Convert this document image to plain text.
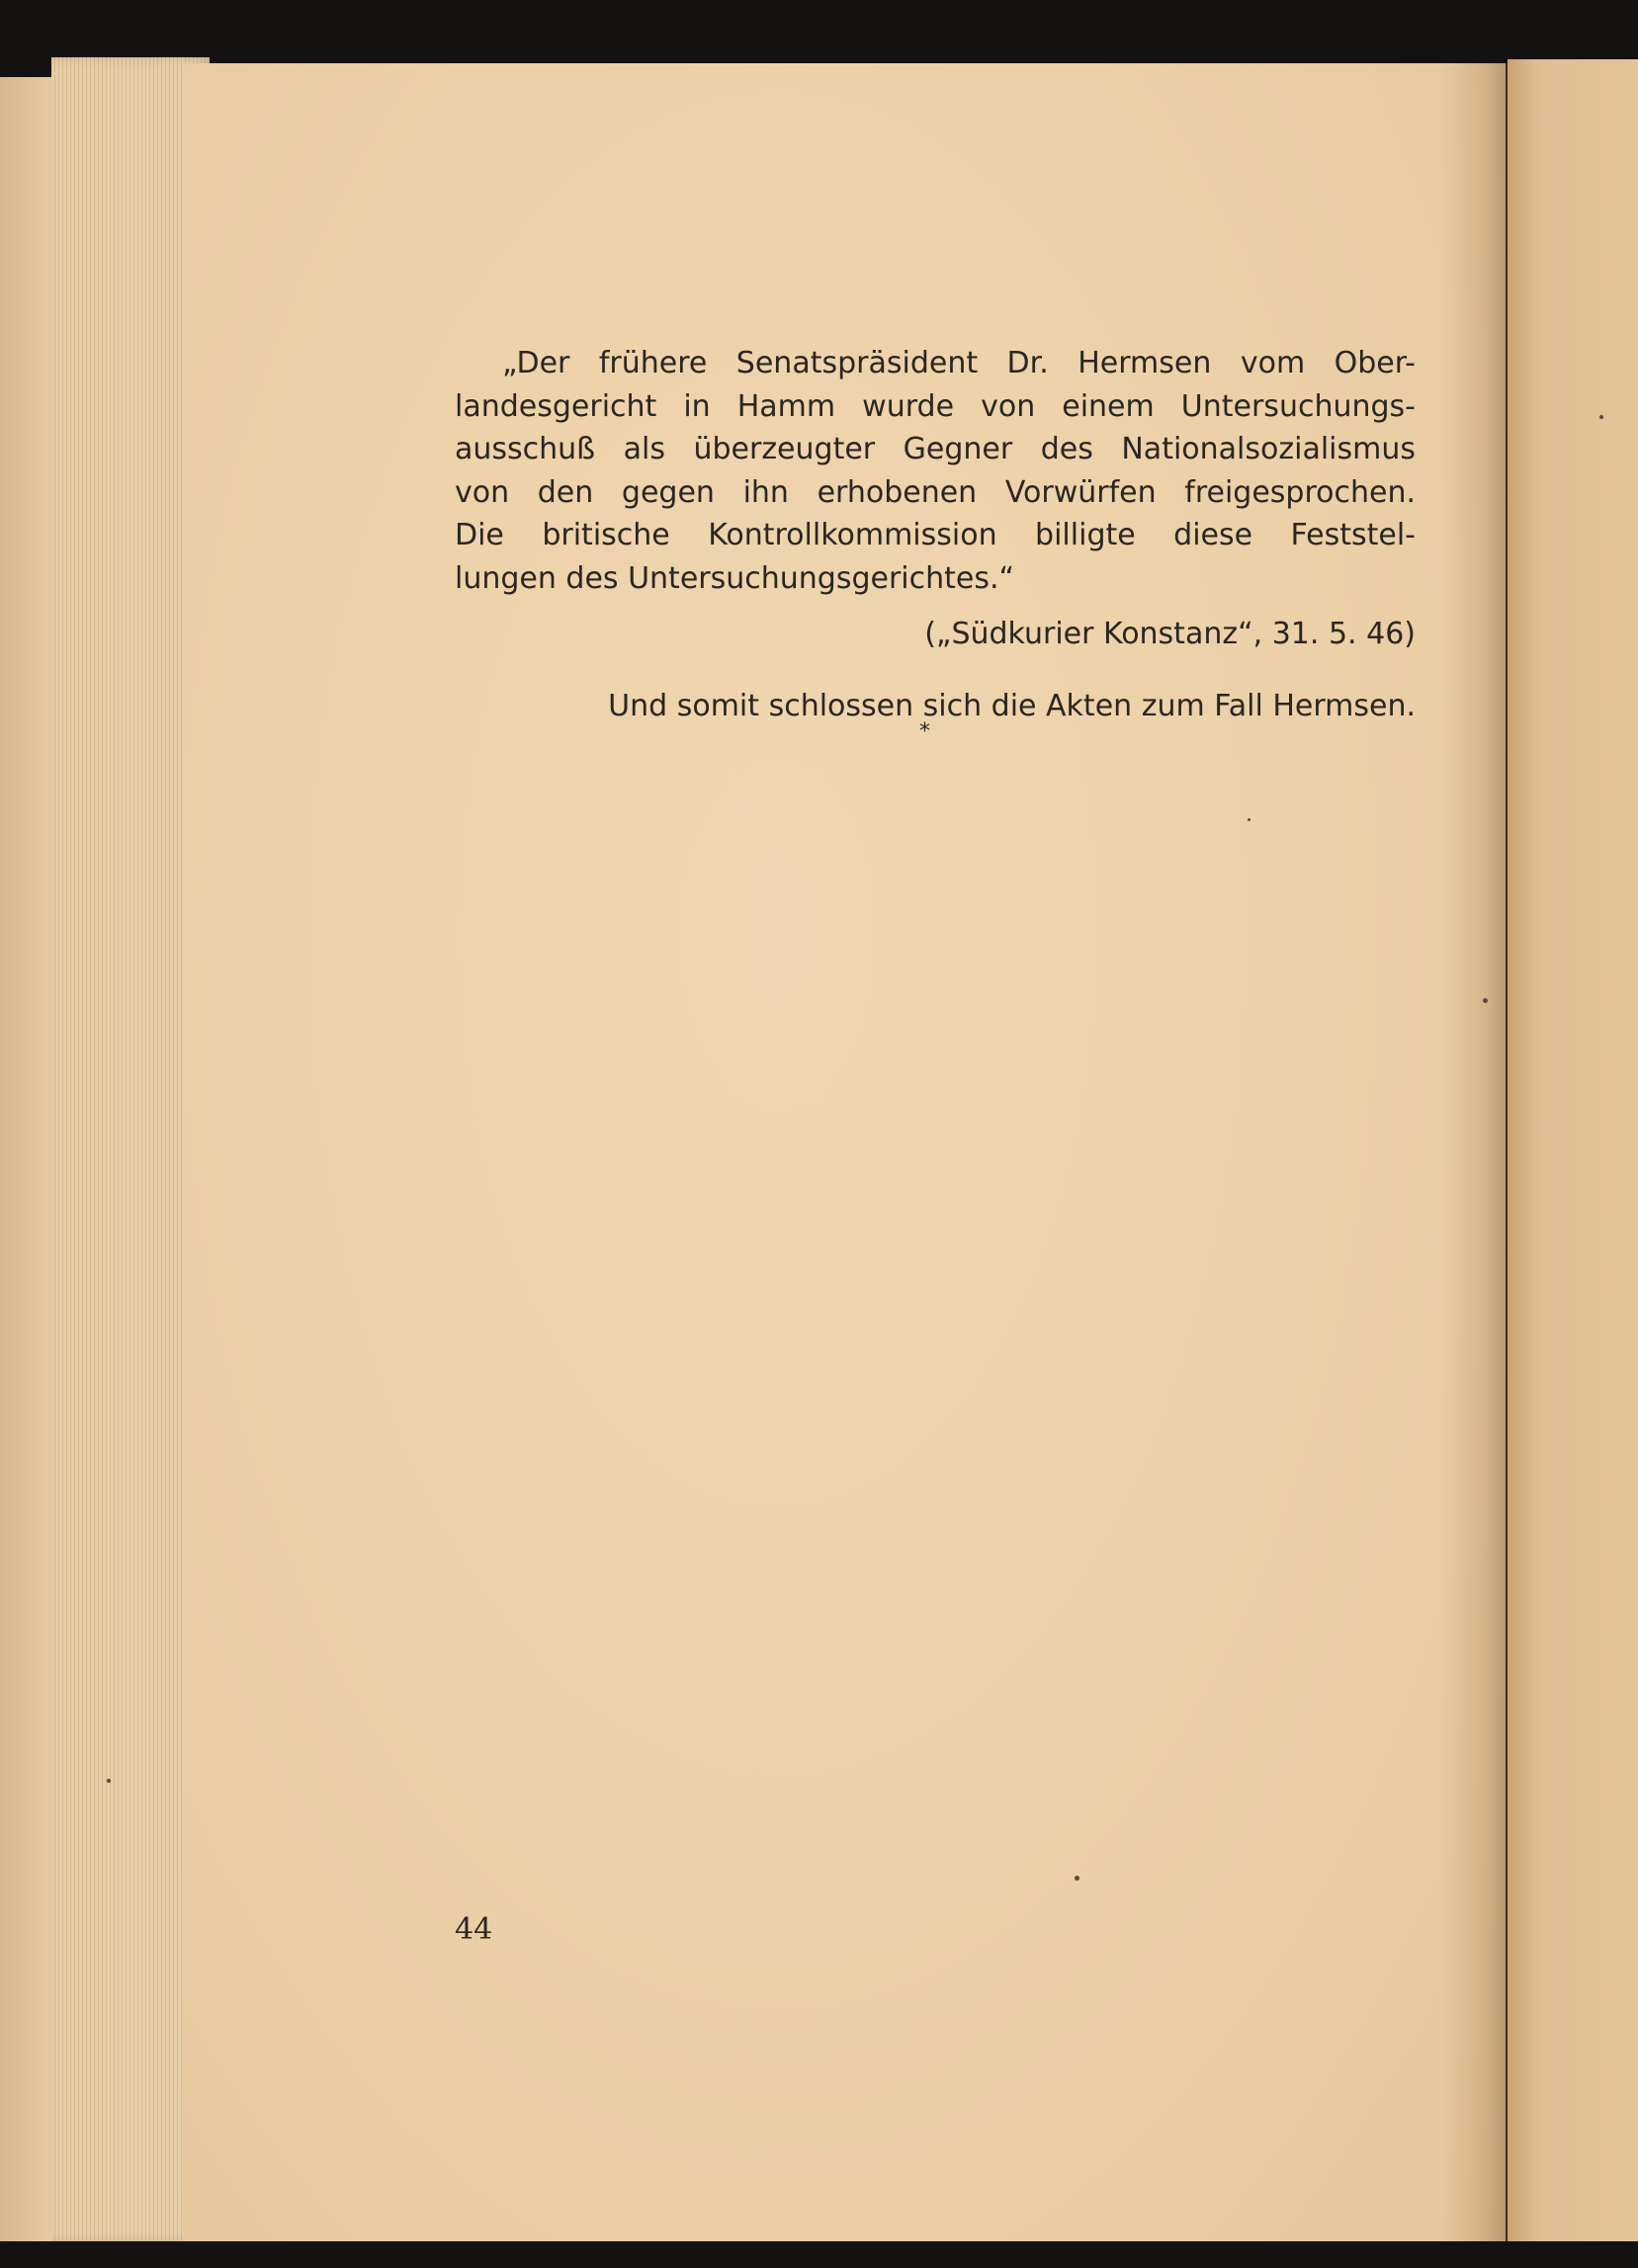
„Der frühere Senatspräsident Dr. Hermsen vom Ober-
landesgericht in Hamm wurde von einem Untersuchungs-
ausschuß als überzeugter Gegner des Nationalsozialismus
von den gegen ihn erhobenen Vorwürfen freigesprochen.
Die britische Kontrollkommission billigte diese Feststel-
lungen des Untersuchungsgerichtes.“
(„Südkurier Konstanz“, 31. 5. 46)
Und somit schlossen sich die Akten zum Fall Hermsen.
*
44
